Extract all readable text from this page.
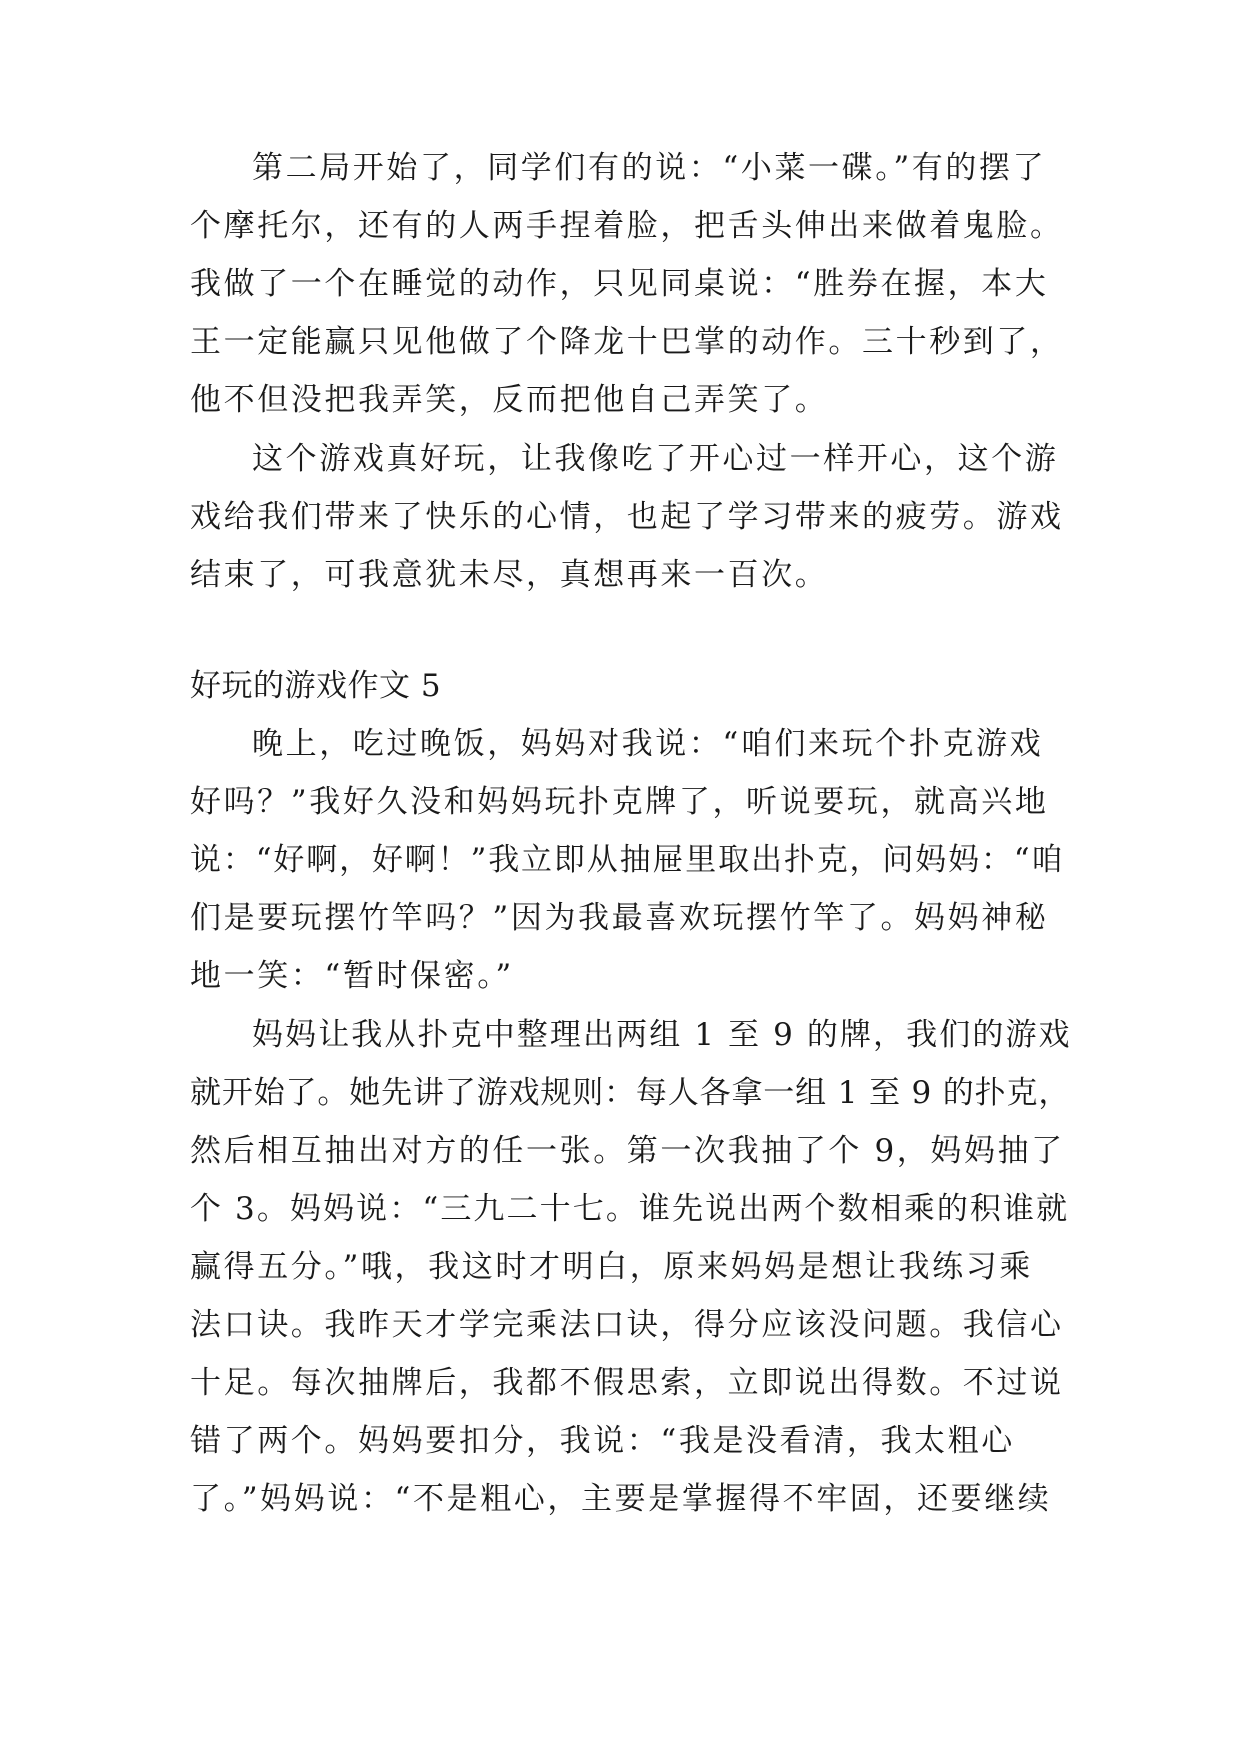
第二局开始了，同学们有的说：“小菜一碟。”有的摆了
个摩托尔，还有的人两手捏着脸，把舌头伸出来做着鬼脸。
我做了一个在睡觉的动作，只见同桌说：“胜券在握，本大
王一定能赢只见他做了个降龙十巴掌的动作。三十秒到了，
他不但没把我弄笑，反而把他自己弄笑了。
这个游戏真好玩，让我像吃了开心过一样开心，这个游
戏给我们带来了快乐的心情，也起了学习带来的疲劳。游戏
结束了，可我意犹未尽，真想再来一百次。
好玩的游戏作文 5
晚上，吃过晚饭，妈妈对我说：“咱们来玩个扑克游戏
好吗？”我好久没和妈妈玩扑克牌了，听说要玩，就高兴地
说：“好啊，好啊！”我立即从抽屉里取出扑克，问妈妈：“咱
们是要玩摆竹竿吗？”因为我最喜欢玩摆竹竿了。妈妈神秘
地一笑：“暂时保密。”
妈妈让我从扑克中整理出两组 1 至 9 的牌，我们的游戏
就开始了。她先讲了游戏规则：每人各拿一组 1 至 9 的扑克，
然后相互抽出对方的任一张。第一次我抽了个 9，妈妈抽了
个 3。妈妈说：“三九二十七。谁先说出两个数相乘的积谁就
赢得五分。”哦，我这时才明白，原来妈妈是想让我练习乘
法口诀。我昨天才学完乘法口诀，得分应该没问题。我信心
十足。每次抽牌后，我都不假思索，立即说出得数。不过说
错了两个。妈妈要扣分，我说：“我是没看清，我太粗心
了。”妈妈说：“不是粗心，主要是掌握得不牢固，还要继续
